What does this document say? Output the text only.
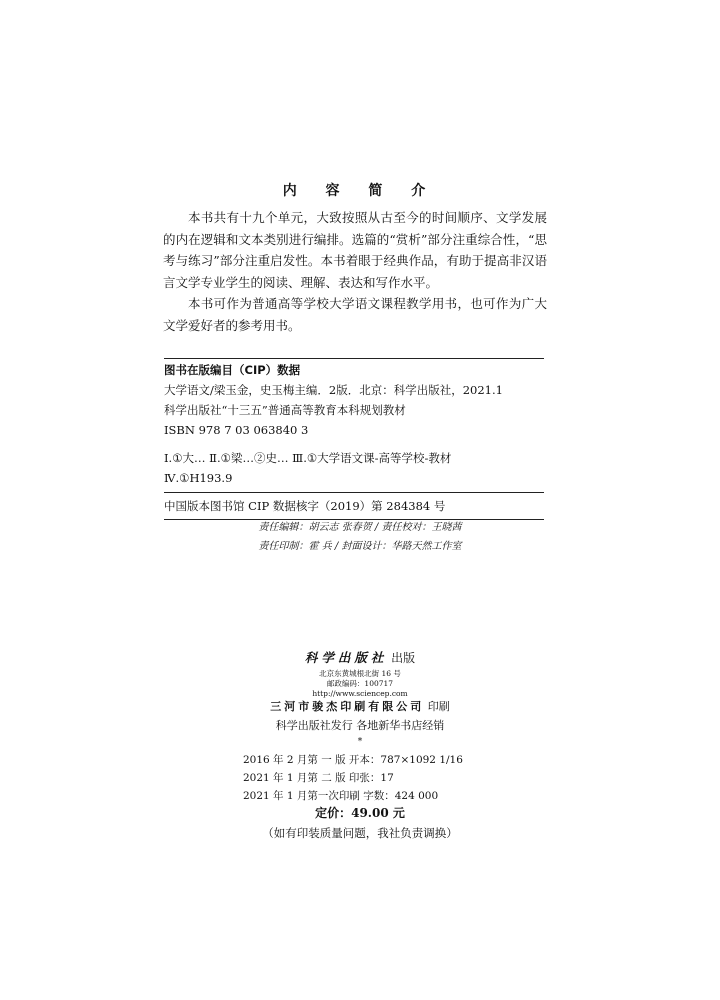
内 容 简 介

本书共有十九个单元，大致按照从古至今的时间顺序、文学发展的内在逻辑和文本类别进行编排。选篇的“赏析”部分注重综合性，“思考与练习”部分注重启发性。本书着眼于经典作品，有助于提高非汉语言文学专业学生的阅读、理解、表达和写作水平。

本书可作为普通高等学校大学语文课程教学用书，也可作为广大文学爱好者的参考用书。

图书在版编目（CIP）数据
大学语文/梁玉金，史玉梅主编．2版．北京：科学出版社，2021.1
科学出版社“十三五”普通高等教育本科规划教材
ISBN 978 7 03 063840 3
Ⅰ.①大… Ⅱ.①梁…②史… Ⅲ.①大学语文课-高等学校-教材
Ⅳ.①H193.9
中国版本图书馆 CIP 数据核字（2019）第 284384 号
责任编辑：胡云志 张春贺 / 责任校对：王晓茜
责任印制：霍 兵 / 封面设计：华路天然工作室
科学出版社 出版
北京东黄城根北街 16 号
邮政编码：100717
http://www.sciencep.com
三河市骏杰印刷有限公司 印刷
科学出版社发行 各地新华书店经销
*
2016 年 2 月第 一 版 开本：787×1092 1/16
2021 年 1 月第 二 版 印张：17
2021 年 1 月第一次印刷 字数：424 000
定价：49.00 元
（如有印装质量问题，我社负责调换）
